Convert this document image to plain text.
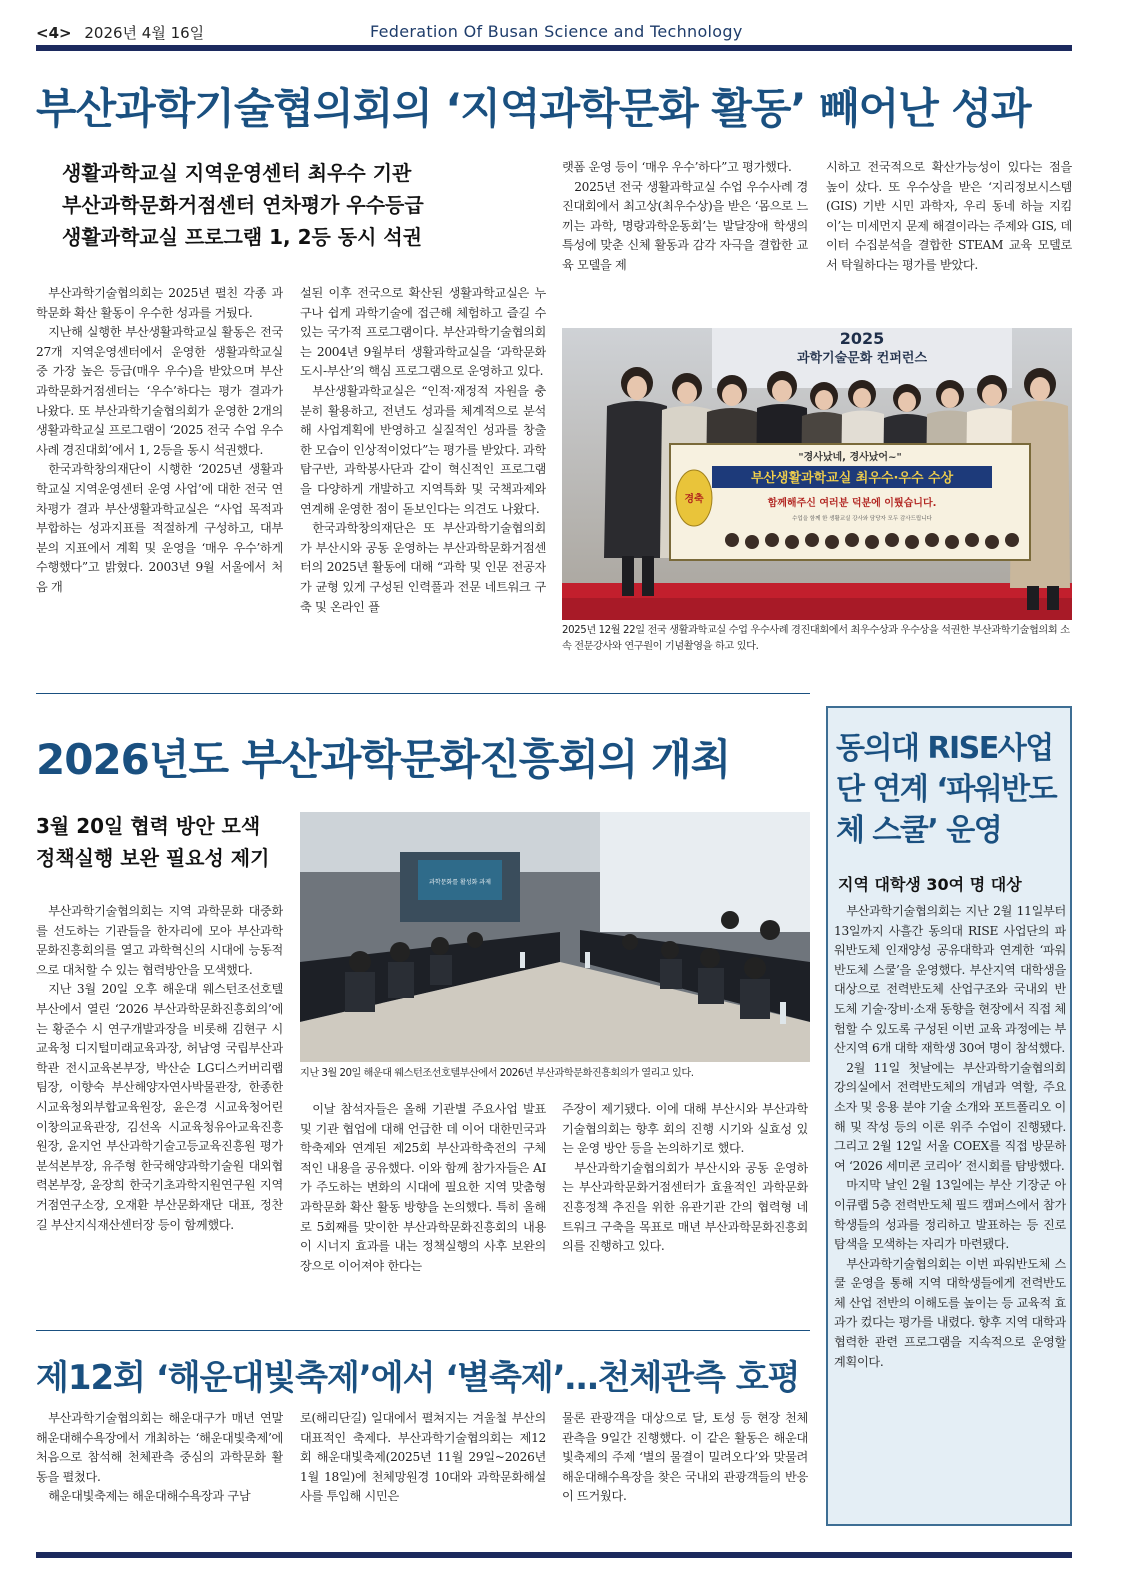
<4> 2026년 4월 16일	Federation Of Busan Science and Technology
부산과학기술협의회의 ‘지역과학문화 활동’ 빼어난 성과
생활과학교실 지역운영센터 최우수 기관
부산과학문화거점센터 연차평가 우수등급
생활과학교실 프로그램 1, 2등 동시 석권

랫폼 운영 등이 ‘매우 우수’하다”고 평가했다.

2025년 전국 생활과학교실 수업 우수사례 경진대회에서 최고상(최우수상)을 받은 ‘몸으로 느끼는 과학, 명랑과학운동회’는 발달장애 학생의 특성에 맞춘 신체 활동과 감각 자극을 결합한 교육 모델을 제

시하고 전국적으로 확산가능성이 있다는 점을 높이 샀다. 또 우수상을 받은 ‘지리정보시스템(GIS) 기반 시민 과학자, 우리 동네 하늘 지킴이’는 미세먼지 문제 해결이라는 주제와 GIS, 데이터 수집분석을 결합한 STEAM 교육 모델로서 탁월하다는 평가를 받았다.

부산과학기술협의회는 2025년 펼친 각종 과학문화 확산 활동이 우수한 성과를 거뒀다.

지난해 실행한 부산생활과학교실 활동은 전국 27개 지역운영센터에서 운영한 생활과학교실 중 가장 높은 등급(매우 우수)을 받았으며 부산과학문화거점센터는 ‘우수’하다는 평가 결과가 나왔다. 또 부산과학기술협의회가 운영한 2개의 생활과학교실 프로그램이 ‘2025 전국 수업 우수사례 경진대회’에서 1, 2등을 동시 석권했다.

한국과학창의재단이 시행한 ‘2025년 생활과학교실 지역운영센터 운영 사업’에 대한 전국 연차평가 결과 부산생활과학교실은 “사업 목적과 부합하는 성과지표를 적절하게 구성하고, 대부분의 지표에서 계획 및 운영을 ‘매우 우수’하게 수행했다”고 밝혔다. 2003년 9월 서울에서 처음 개

설된 이후 전국으로 확산된 생활과학교실은 누구나 쉽게 과학기술에 접근해 체험하고 즐길 수 있는 국가적 프로그램이다. 부산과학기술협의회는 2004년 9월부터 생활과학교실을 ‘과학문화도시-부산’의 핵심 프로그램으로 운영하고 있다.

부산생활과학교실은 “인적·재정적 자원을 충분히 활용하고, 전년도 성과를 체계적으로 분석해 사업계획에 반영하고 실질적인 성과를 창출한 모습이 인상적이었다”는 평가를 받았다. 과학탐구반, 과학봉사단과 같이 혁신적인 프로그램을 다양하게 개발하고 지역특화 및 국책과제와 연계해 운영한 점이 돋보인다는 의견도 나왔다.

한국과학창의재단은 또 부산과학기술협의회가 부산시와 공동 운영하는 부산과학문화거점센터의 2025년 활동에 대해 “과학 및 인문 전공자가 균형 있게 구성된 인력풀과 전문 네트워크 구축 및 온라인 플

2025
과학기술문화 컨퍼런스
"경사났네, 경사났어~"
부산생활과학교실 최우수·우수 수상
함께해주신 여러분 덕분에 이뤘습니다.
수업을 함께 한 생활교실 강사와 담당자 모두 감사드립니다
경축
2025년 12월 22일 전국 생활과학교실 수업 우수사례 경진대회에서 최우수상과 우수상을 석권한 부산과학기술협의회 소속 전문강사와 연구원이 기념촬영을 하고 있다.
2026년도 부산과학문화진흥회의 개최
3월 20일 협력 방안 모색
정책실행 보완 필요성 제기
과학문화를 활성화 과제
지난 3월 20일 해운대 웨스턴조선호텔부산에서 2026년 부산과학문화진흥회의가 열리고 있다.

부산과학기술협의회는 지역 과학문화 대중화를 선도하는 기관들을 한자리에 모아 부산과학문화진흥회의를 열고 과학혁신의 시대에 능동적으로 대처할 수 있는 협력방안을 모색했다.

지난 3월 20일 오후 해운대 웨스턴조선호텔부산에서 열린 ‘2026 부산과학문화진흥회의’에는 황준수 시 연구개발과장을 비롯해 김현구 시교육청 디지털미래교육과장, 허남영 국립부산과학관 전시교육본부장, 박산순 LG디스커버리랩 팀장, 이향숙 부산해양자연사박물관장, 한종한 시교육청외부합교육원장, 윤은경 시교육청어린이창의교육관장, 김선옥 시교육청유아교육진흥원장, 윤지언 부산과학기술고등교육진흥원 평가분석본부장, 유주형 한국해양과학기술원 대외협력본부장, 윤장희 한국기초과학지원연구원 지역거점연구소장, 오재환 부산문화재단 대표, 정찬길 부산지식재산센터장 등이 함께했다.

이날 참석자들은 올해 기관별 주요사업 발표 및 기관 협업에 대해 언급한 데 이어 대한민국과학축제와 연계된 제25회 부산과학축전의 구체적인 내용을 공유했다. 이와 함께 참가자들은 AI가 주도하는 변화의 시대에 필요한 지역 맞춤형 과학문화 확산 활동 방향을 논의했다. 특히 올해로 5회째를 맞이한 부산과학문화진흥회의 내용이 시너지 효과를 내는 정책실행의 사후 보완의 장으로 이어져야 한다는

주장이 제기됐다. 이에 대해 부산시와 부산과학기술협의회는 향후 회의 진행 시기와 실효성 있는 운영 방안 등을 논의하기로 했다.

부산과학기술협의회가 부산시와 공동 운영하는 부산과학문화거점센터가 효율적인 과학문화 진흥정책 추진을 위한 유관기관 간의 협력형 네트워크 구축을 목표로 매년 부산과학문화진흥회의를 진행하고 있다.

제12회 ‘해운대빛축제’에서 ‘별축제’…천체관측 호평

부산과학기술협의회는 해운대구가 매년 연말 해운대해수욕장에서 개최하는 ‘해운대빛축제’에 처음으로 참석해 천체관측 중심의 과학문화 활동을 펼쳤다.

해운대빛축제는 해운대해수욕장과 구남

로(해리단길) 일대에서 펼쳐지는 겨울철 부산의 대표적인 축제다. 부산과학기술협의회는 제12회 해운대빛축제(2025년 11월 29일~2026년 1월 18일)에 천체망원경 10대와 과학문화해설사를 투입해 시민은

물론 관광객을 대상으로 달, 토성 등 현장 천체관측을 9일간 진행했다. 이 같은 활동은 해운대빛축제의 주제 ‘별의 물결이 밀려오다’와 맞물려 해운대해수욕장을 찾은 국내외 관광객들의 반응이 뜨거웠다.

동의대 RISE사업단 연계 ‘파워반도체 스쿨’ 운영
지역 대학생 30여 명 대상

부산과학기술협의회는 지난 2월 11일부터 13일까지 사흘간 동의대 RISE 사업단의 파워반도체 인재양성 공유대학과 연계한 ‘파워반도체 스쿨’을 운영했다. 부산지역 대학생을 대상으로 전력반도체 산업구조와 국내외 반도체 기술·장비·소재 동향을 현장에서 직접 체험할 수 있도록 구성된 이번 교육 과정에는 부산지역 6개 대학 재학생 30여 명이 참석했다.

2월 11일 첫날에는 부산과학기술협의회 강의실에서 전력반도체의 개념과 역할, 주요 소자 및 응용 분야 기술 소개와 포트폴리오 이해 및 작성 등의 이론 위주 수업이 진행됐다. 그리고 2월 12일 서울 COEX를 직접 방문하여 ‘2026 세미콘 코리아’ 전시회를 탐방했다.

마지막 날인 2월 13일에는 부산 기장군 아이큐랩 5층 전력반도체 필드 캠퍼스에서 참가 학생들의 성과를 정리하고 발표하는 등 진로 탐색을 모색하는 자리가 마련됐다.

부산과학기술협의회는 이번 파워반도체 스쿨 운영을 통해 지역 대학생들에게 전력반도체 산업 전반의 이해도를 높이는 등 교육적 효과가 컸다는 평가를 내렸다. 향후 지역 대학과 협력한 관련 프로그램을 지속적으로 운영할 계획이다.
